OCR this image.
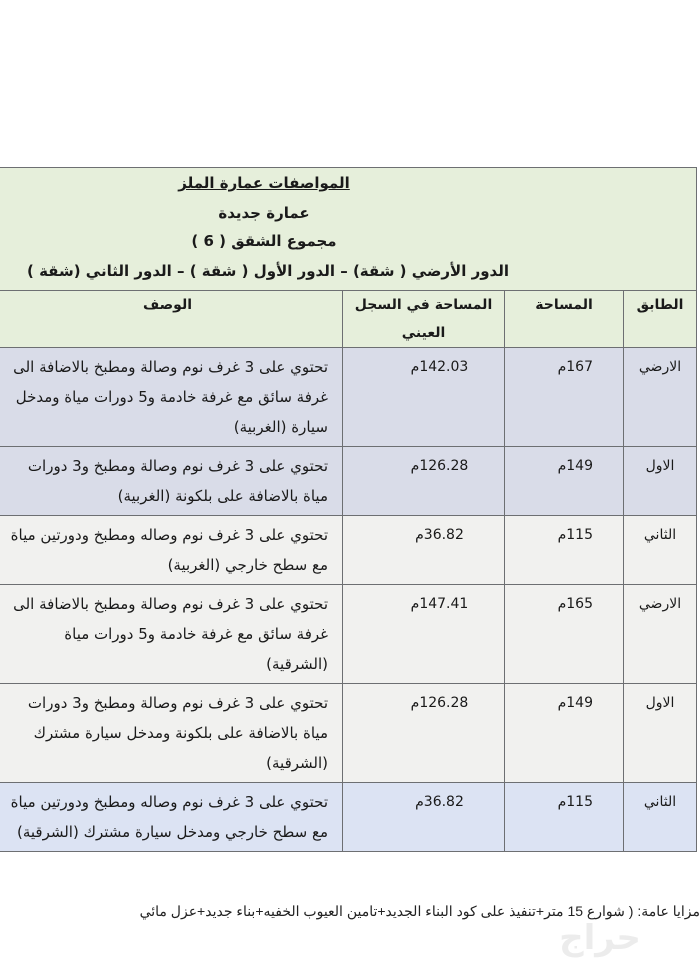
المواصفات عمارة الملز
عمارة جديدة
مجموع الشقق ( 6 )
الدور الأرضي ( شقة) – الدور الأول ( شقة ) – الدور الثاني (شقة )
الطابق	المساحة	المساحة في السجل العيني	الوصف
الارضي	167م	142.03م	تحتوي على 3 غرف نوم وصالة ومطبخ بالاضافة الى غرفة سائق مع غرفة خادمة و5 دورات مياة ومدخل سيارة (الغربية)
الاول	149م	126.28م	تحتوي على 3 غرف نوم وصالة ومطبخ و3 دورات مياة بالاضافة على بلكونة (الغربية)
الثاني	115م	36.82م	تحتوي على 3 غرف نوم وصاله ومطبخ ودورتين مياة مع سطح خارجي (الغربية)
الارضي	165م	147.41م	تحتوي على 3 غرف نوم وصالة ومطبخ بالاضافة الى غرفة سائق مع غرفة خادمة و5 دورات مياة (الشرقية)
الاول	149م	126.28م	تحتوي على 3 غرف نوم وصالة ومطبخ و3 دورات مياة بالاضافة على بلكونة ومدخل سيارة مشترك (الشرقية)
الثاني	115م	36.82م	تحتوي على 3 غرف نوم وصاله ومطبخ ودورتين مياة مع سطح خارجي ومدخل سيارة مشترك (الشرقية)
مزايا عامة: ( شوارع 15 متر+تنفيذ على كود البناء الجديد+تامين العيوب الخفيه+بناء جديد+عزل مائي
حراج
